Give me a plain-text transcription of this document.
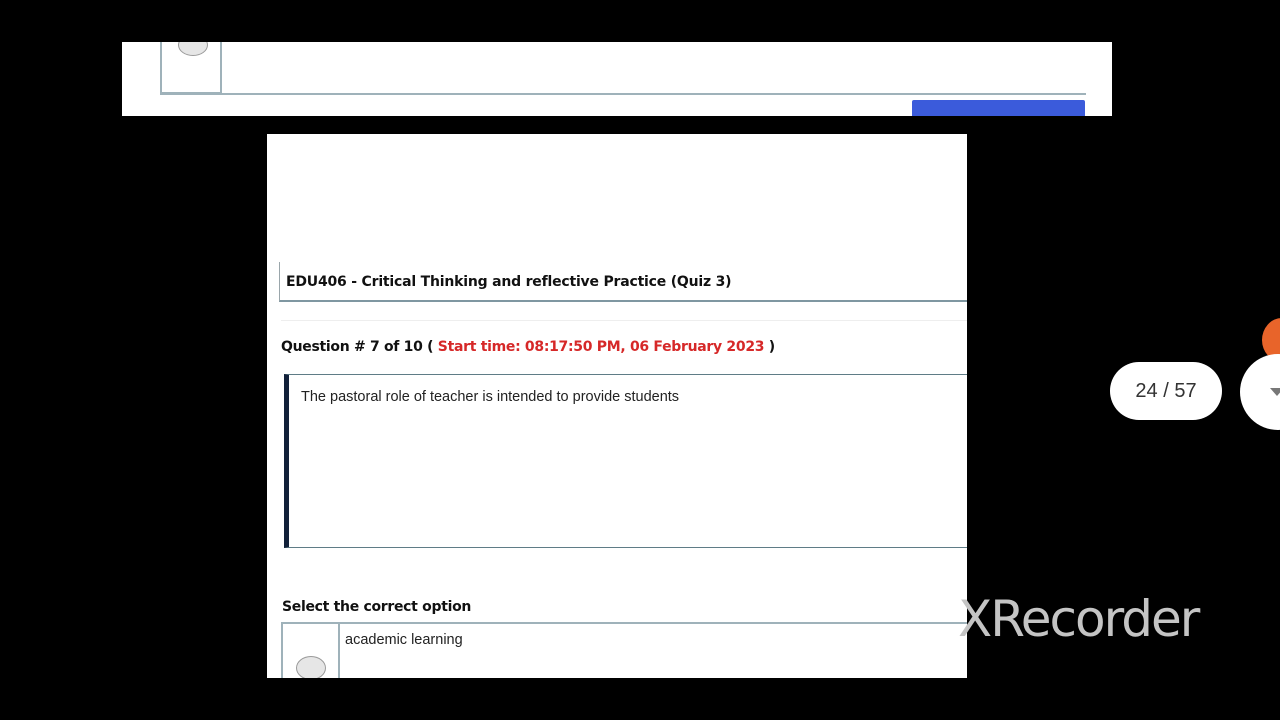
EDU406 - Critical Thinking and reflective Practice (Quiz 3)
Question # 7 of 10 ( Start time: 08:17:50 PM, 06 February 2023 )
The pastoral role of teacher is intended to provide students
Select the correct option
academic learning
24 / 57
XRecorder
